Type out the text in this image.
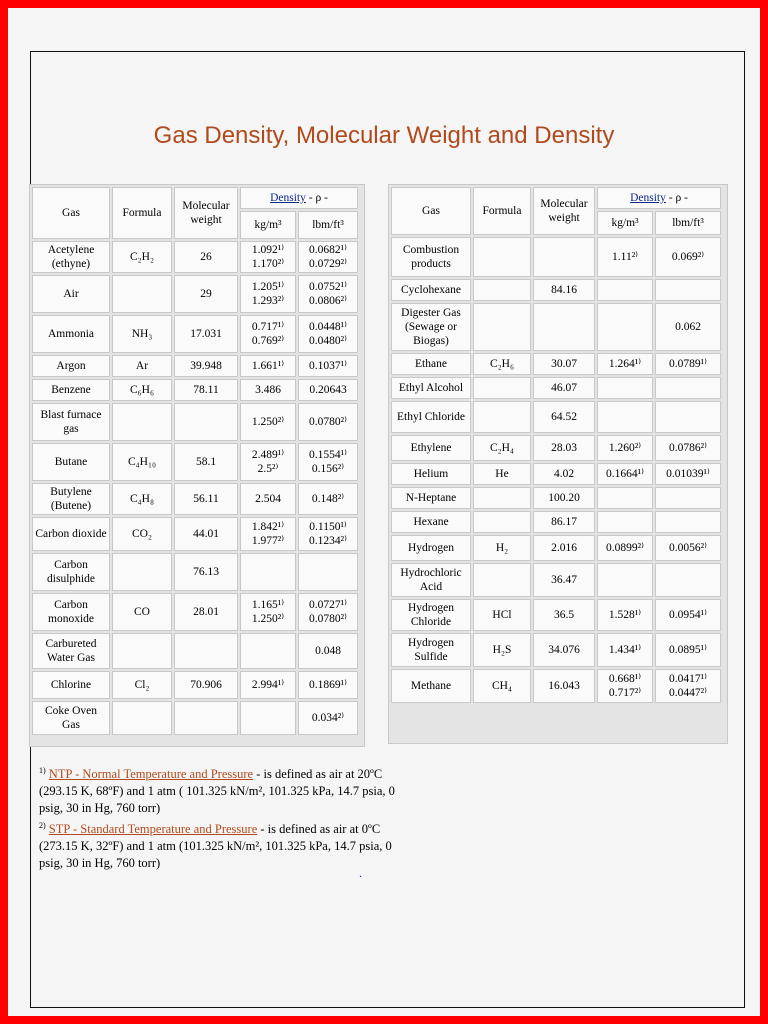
Gas Density, Molecular Weight and Density
Gas	Formula	Molecular weight	Density - ρ -	
			kg/m³	lbm/ft³
Acetylene (ethyne)	C₂H₂	26	1.092¹⁾ 1.170²⁾	0.0682¹⁾ 0.0729²⁾
Air		29	1.205¹⁾ 1.293²⁾	0.0752¹⁾ 0.0806²⁾
Ammonia	NH₃	17.031	0.717¹⁾ 0.769²⁾	0.0448¹⁾ 0.0480²⁾
Argon	Ar	39.948	1.661¹⁾	0.1037¹⁾
Benzene	C₆H₆	78.11	3.486	0.20643
Blast furnace gas			1.250²⁾	0.0780²⁾
Butane	C₄H₁₀	58.1	2.489¹⁾ 2.5²⁾	0.1554¹⁾ 0.156²⁾
Butylene (Butene)	C₄H₈	56.11	2.504	0.148²⁾
Carbon dioxide	CO₂	44.01	1.842¹⁾ 1.977²⁾	0.1150¹⁾ 0.1234²⁾
Carbon disulphide		76.13		
Carbon monoxide	CO	28.01	1.165¹⁾ 1.250²⁾	0.0727¹⁾ 0.0780²⁾
Carbureted Water Gas				0.048
Chlorine	Cl₂	70.906	2.994¹⁾	0.1869¹⁾
Coke Oven Gas				0.034²⁾
Gas	Formula	Molecular weight	Density - ρ -	
			kg/m³	lbm/ft³
Combustion products			1.11²⁾	0.069²⁾
Cyclohexane		84.16		
Digester Gas (Sewage or Biogas)				0.062
Ethane	C₂H₆	30.07	1.264¹⁾	0.0789¹⁾
Ethyl Alcohol		46.07		
Ethyl Chloride		64.52		
Ethylene	C₂H₄	28.03	1.260²⁾	0.0786²⁾
Helium	He	4.02	0.1664¹⁾	0.01039¹⁾
N-Heptane		100.20		
Hexane		86.17		
Hydrogen	H₂	2.016	0.0899²⁾	0.0056²⁾
Hydrochloric Acid		36.47		
Hydrogen Chloride	HCl	36.5	1.528¹⁾	0.0954¹⁾
Hydrogen Sulfide	H₂S	34.076	1.434¹⁾	0.0895¹⁾
Methane	CH₄	16.043	0.668¹⁾ 0.717²⁾	0.0417¹⁾ 0.0447²⁾

$^{1)}$ NTP - Normal Temperature and Pressure - is defined as air at 20ºC (293.15 K, 68ºF) and 1 atm ( 101.325 kN/m², 101.325 kPa, 14.7 psia, 0 psig, 30 in Hg, 760 torr)

$^{2)}$ STP - Standard Temperature and Pressure - is defined as air at 0ºC (273.15 K, 32ºF) and 1 atm (101.325 kN/m², 101.325 kPa, 14.7 psia, 0 psig, 30 in Hg, 760 torr)

.
